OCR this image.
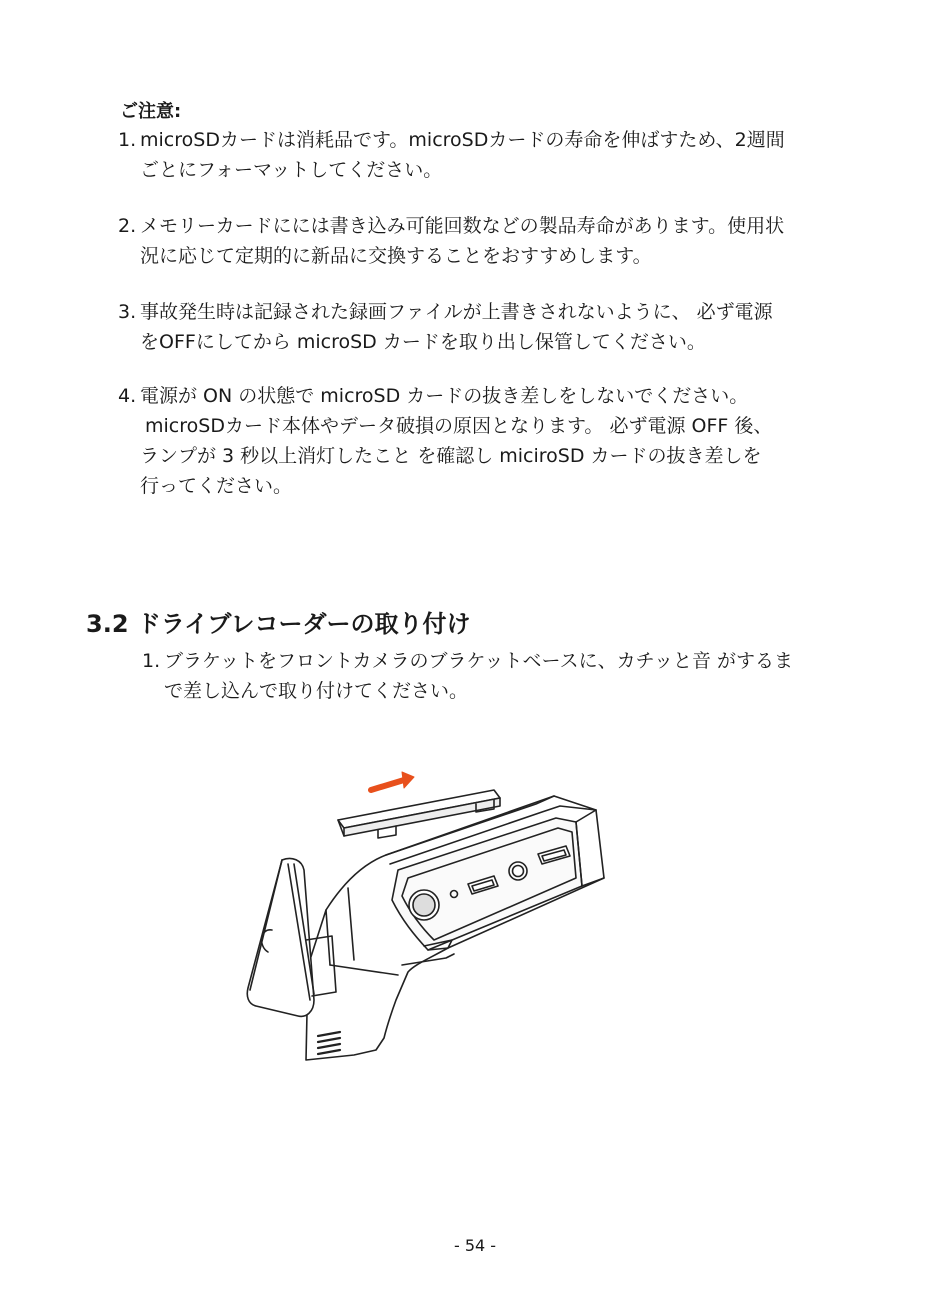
ご注意:
1. microSDカードは消耗品です。microSDカードの寿命を伸ばすため、2週間
ごとにフォーマットしてください。
2. メモリーカードにには書き込み可能回数などの製品寿命があります。使用状
況に応じて定期的に新品に交換することをおすすめします。
3. 事故発生時は記録された録画ファイルが上書きされないように、 必ず電源
をOFFにしてから microSD カードを取り出し保管してください。
4. 電源が ON の状態で microSD カードの抜き差しをしないでください。
microSDカード本体やデータ破損の原因となります。 必ず電源 OFF 後、
ランプが 3 秒以上消灯したこと を確認し miciroSD カードの抜き差しを
行ってください。
3.2 ドライブレコーダーの取り付け
1. ブラケットをフロントカメラのブラケットベースに、カチッと音 がするま
で差し込んで取り付けてください。
- 54 -
